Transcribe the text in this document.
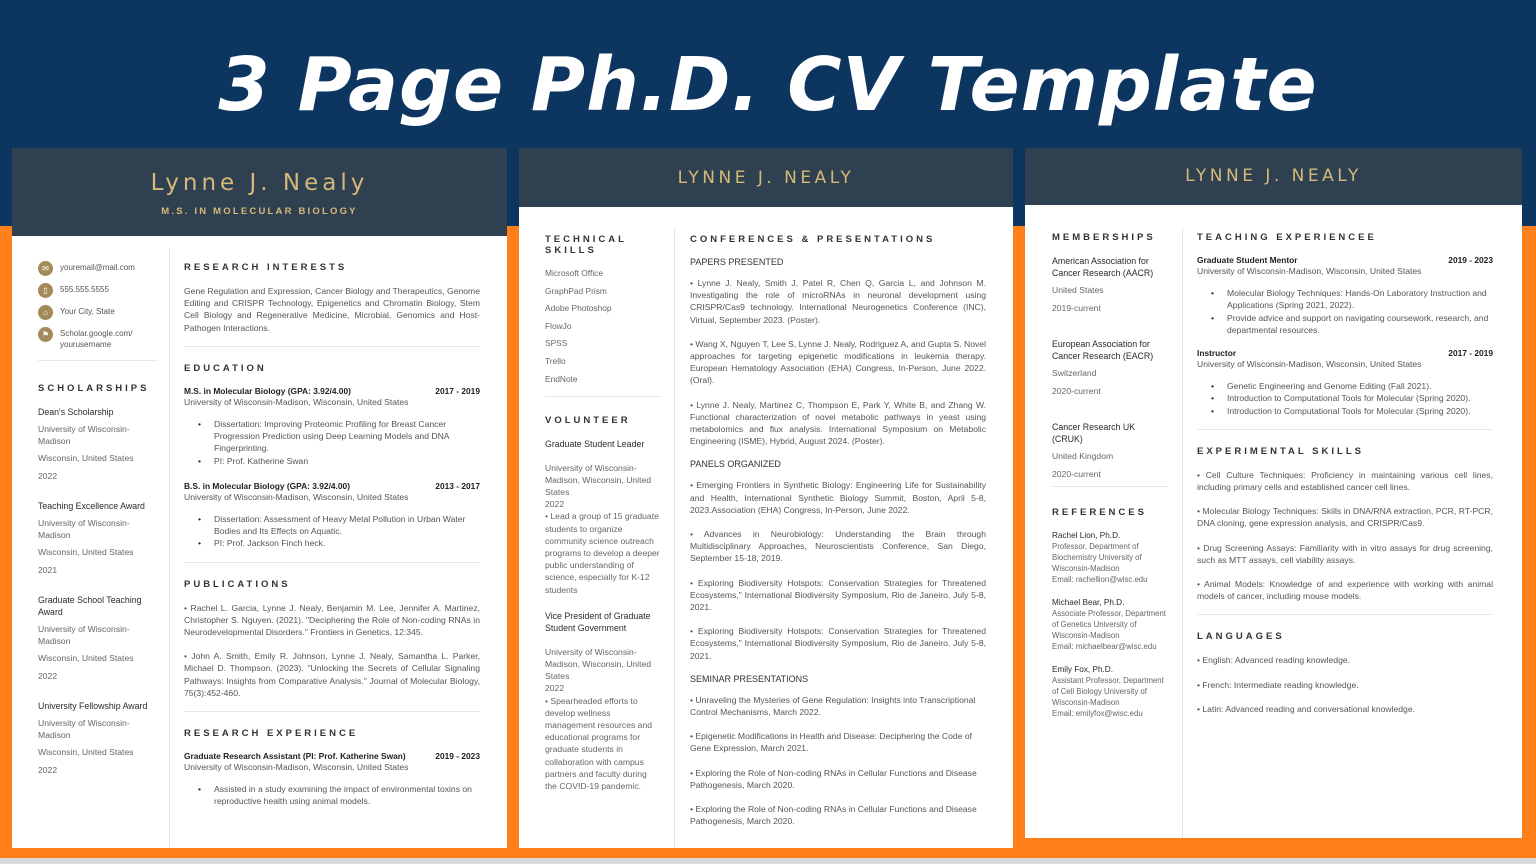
3 Page Ph.D. CV Template
Lynne J. Nealy
M.S. IN MOLECULAR BIOLOGY
✉	youremail@mail.com
▯	555.555.5555
⌂	Your City, State
⚑	Scholar.google.com/ yourusername
SCHOLARSHIPS
Dean's Scholarship
University of Wisconsin-Madison
Wisconsin, United States
2022
Teaching Excellence Award
University of Wisconsin-Madison
Wisconsin, United States
2021
Graduate School Teaching Award
University of Wisconsin-Madison
Wisconsin, United States
2022
University Fellowship Award
University of Wisconsin-Madison
Wisconsin, United States
2022
RESEARCH INTERESTS
Gene Regulation and Expression, Cancer Biology and Therapeutics, Genome Editing and CRISPR Technology, Epigenetics and Chromatin Biology, Stem Cell Biology and Regenerative Medicine, Microbial, Genomics and Host-Pathogen Interactions.
EDUCATION
M.S. in Molecular Biology (GPA: 3.92/4.00)	2017 - 2019
University of Wisconsin-Madison, Wisconsin, United States
• Dissertation: Improving Proteomic Profiling for Breast Cancer Progression Prediction using Deep Learning Models and DNA Fingerprinting.
• PI: Prof. Katherine Swan
B.S. in Molecular Biology (GPA: 3.92/4.00)	2013 - 2017
University of Wisconsin-Madison, Wisconsin, United States
• Dissertation: Assessment of Heavy Metal Pollution in Urban Water Bodies and Its Effects on Aquatic.
• PI: Prof. Jackson Finch heck.
PUBLICATIONS
• Rachel L. Garcia, Lynne J. Nealy, Benjamin M. Lee, Jennifer A. Martinez, Christopher S. Nguyen. (2021). "Deciphering the Role of Non-coding RNAs in Neurodevelopmental Disorders." Frontiers in Genetics, 12:345.
• John A. Smith, Emily R. Johnson, Lynne J. Nealy, Samantha L. Parker, Michael D. Thompson. (2023). "Unlocking the Secrets of Cellular Signaling Pathways: Insights from Comparative Analysis." Journal of Molecular Biology, 75(3):452-460.
RESEARCH EXPERIENCE
Graduate Research Assistant (PI: Prof. Katherine Swan)	2019 - 2023
University of Wisconsin-Madison, Wisconsin, United States
• Assisted in a study examining the impact of environmental toxins on reproductive health using animal models.
LYNNE J. NEALY
TECHNICAL SKILLS
Microsoft Office
GraphPad Prism
Adobe Photoshop
FlowJo
SPSS
Trello
EndNote
VOLUNTEER
Graduate Student Leader
University of Wisconsin-Madison, Wisconsin, United States
2022
• Lead a group of 15 graduate students to organize community science outreach programs to develop a deeper public understanding of science, especially for K-12 students
Vice President of Graduate Student Government
University of Wisconsin-Madison, Wisconsin, United States
2022
• Spearheaded efforts to develop wellness management resources and educational programs for graduate students in collaboration with campus partners and faculty during the COVID-19 pandemic.
CONFERENCES & PRESENTATIONS
PAPERS PRESENTED
• Lynne J. Nealy, Smith J, Patel R, Chen Q, Garcia L, and Johnson M. Investigating the role of microRNAs in neuronal development using CRISPR/Cas9 technology. International Neurogenetics Conference (INC), Virtual, September 2023. (Poster).
• Wang X, Nguyen T, Lee S, Lynne J. Nealy, Rodriguez A, and Gupta S. Novel approaches for targeting epigenetic modifications in leukemia therapy. European Hematology Association (EHA) Congress, In-Person, June 2022. (Oral).
• Lynne J. Nealy, Martinez C, Thompson E, Park Y, White B, and Zhang W. Functional characterization of novel metabolic pathways in yeast using metabolomics and flux analysis. International Symposium on Metabolic Engineering (ISME), Hybrid, August 2024. (Poster).
PANELS ORGANIZED
• Emerging Frontiers in Synthetic Biology: Engineering Life for Sustainability and Health, International Synthetic Biology Summit, Boston, April 5-8, 2023.Association (EHA) Congress, In-Person, June 2022.
• Advances in Neurobiology: Understanding the Brain through Multidisciplinary Approaches, Neuroscientists Conference, San Diego, September 15-18, 2019.
• Exploring Biodiversity Hotspots: Conservation Strategies for Threatened Ecosystems," International Biodiversity Symposium, Rio de Janeiro, July 5-8, 2021.
• Exploring Biodiversity Hotspots: Conservation Strategies for Threatened Ecosystems," International Biodiversity Symposium, Rio de Janeiro, July 5-8, 2021.
SEMINAR PRESENTATIONS
• Unraveling the Mysteries of Gene Regulation: Insights into Transcriptional Control Mechanisms, March 2022.
• Epigenetic Modifications in Health and Disease: Deciphering the Code of Gene Expression, March 2021.
• Exploring the Role of Non-coding RNAs in Cellular Functions and Disease Pathogenesis, March 2020.
• Exploring the Role of Non-coding RNAs in Cellular Functions and Disease Pathogenesis, March 2020.
LYNNE J. NEALY
MEMBERSHIPS
American Association for Cancer Research (AACR)
United States
2019-current
European Association for Cancer Research (EACR)
Switzerland
2020-current
Cancer Research UK (CRUK)
United Kingdom
2020-current
REFERENCES
Rachel Lion, Ph.D.
Professor, Department of Biochemistry University of Wisconsin-Madison
Email: rachellion@wisc.edu
Michael Bear, Ph.D.
Associate Professor, Department of Genetics University of Wisconsin-Madison
Email: michaelbear@wisc.edu
Emily Fox, Ph.D.
Assistant Professor, Department of Cell Biology University of Wisconsin-Madison
Email: emilyfox@wisc.edu
TEACHING EXPERIENCEE
Graduate Student Mentor	2019 - 2023
University of Wisconsin-Madison, Wisconsin, United States
• Molecular Biology Techniques: Hands-On Laboratory Instruction and Applications (Spring 2021, 2022).
• Provide advice and support on navigating coursework, research, and departmental resources.
Instructor	2017 - 2019
University of Wisconsin-Madison, Wisconsin, United States
• Genetic Engineering and Genome Editing (Fall 2021).
• Introduction to Computational Tools for Molecular (Spring 2020).
• Introduction to Computational Tools for Molecular (Spring 2020).
EXPERIMENTAL SKILLS
• Cell Culture Techniques: Proficiency in maintaining various cell lines, including primary cells and established cancer cell lines.
• Molecular Biology Techniques: Skills in DNA/RNA extraction, PCR, RT-PCR, DNA cloning, gene expression analysis, and CRISPR/Cas9.
• Drug Screening Assays: Familiarity with in vitro assays for drug screening, such as MTT assays, cell viability assays.
• Animal Models: Knowledge of and experience with working with animal models of cancer, including mouse models.
LANGUAGES
• English: Advanced reading knowledge.
• French: Intermediate reading knowledge.
• Latin: Advanced reading and conversational knowledge.
